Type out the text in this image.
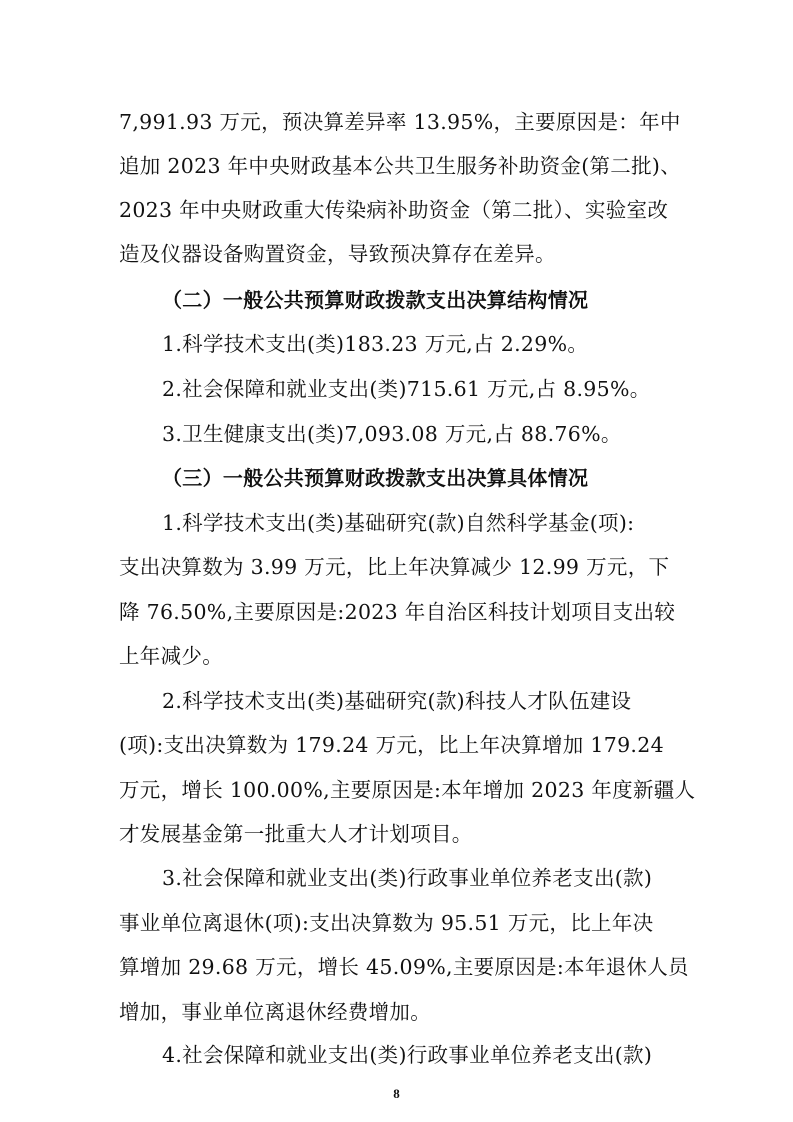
7,991.93 万元，预决算差异率 13.95%，主要原因是：年中
追加 2023 年中央财政基本公共卫生服务补助资金(第二批)、
2023 年中央财政重大传染病补助资金（第二批）、实验室改
造及仪器设备购置资金，导致预决算存在差异。
（二）一般公共预算财政拨款支出决算结构情况
1.科学技术支出(类)183.23 万元,占 2.29%。
2.社会保障和就业支出(类)715.61 万元,占 8.95%。
3.卫生健康支出(类)7,093.08 万元,占 88.76%。
（三）一般公共预算财政拨款支出决算具体情况
1.科学技术支出(类)基础研究(款)自然科学基金(项):
支出决算数为 3.99 万元，比上年决算减少 12.99 万元，下
降 76.50%,主要原因是:2023 年自治区科技计划项目支出较
上年减少。
2.科学技术支出(类)基础研究(款)科技人才队伍建设
(项):支出决算数为 179.24 万元，比上年决算增加 179.24
万元，增长 100.00%,主要原因是:本年增加 2023 年度新疆人
才发展基金第一批重大人才计划项目。
3.社会保障和就业支出(类)行政事业单位养老支出(款)
事业单位离退休(项):支出决算数为 95.51 万元，比上年决
算增加 29.68 万元，增长 45.09%,主要原因是:本年退休人员
增加，事业单位离退休经费增加。
4.社会保障和就业支出(类)行政事业单位养老支出(款)
8
